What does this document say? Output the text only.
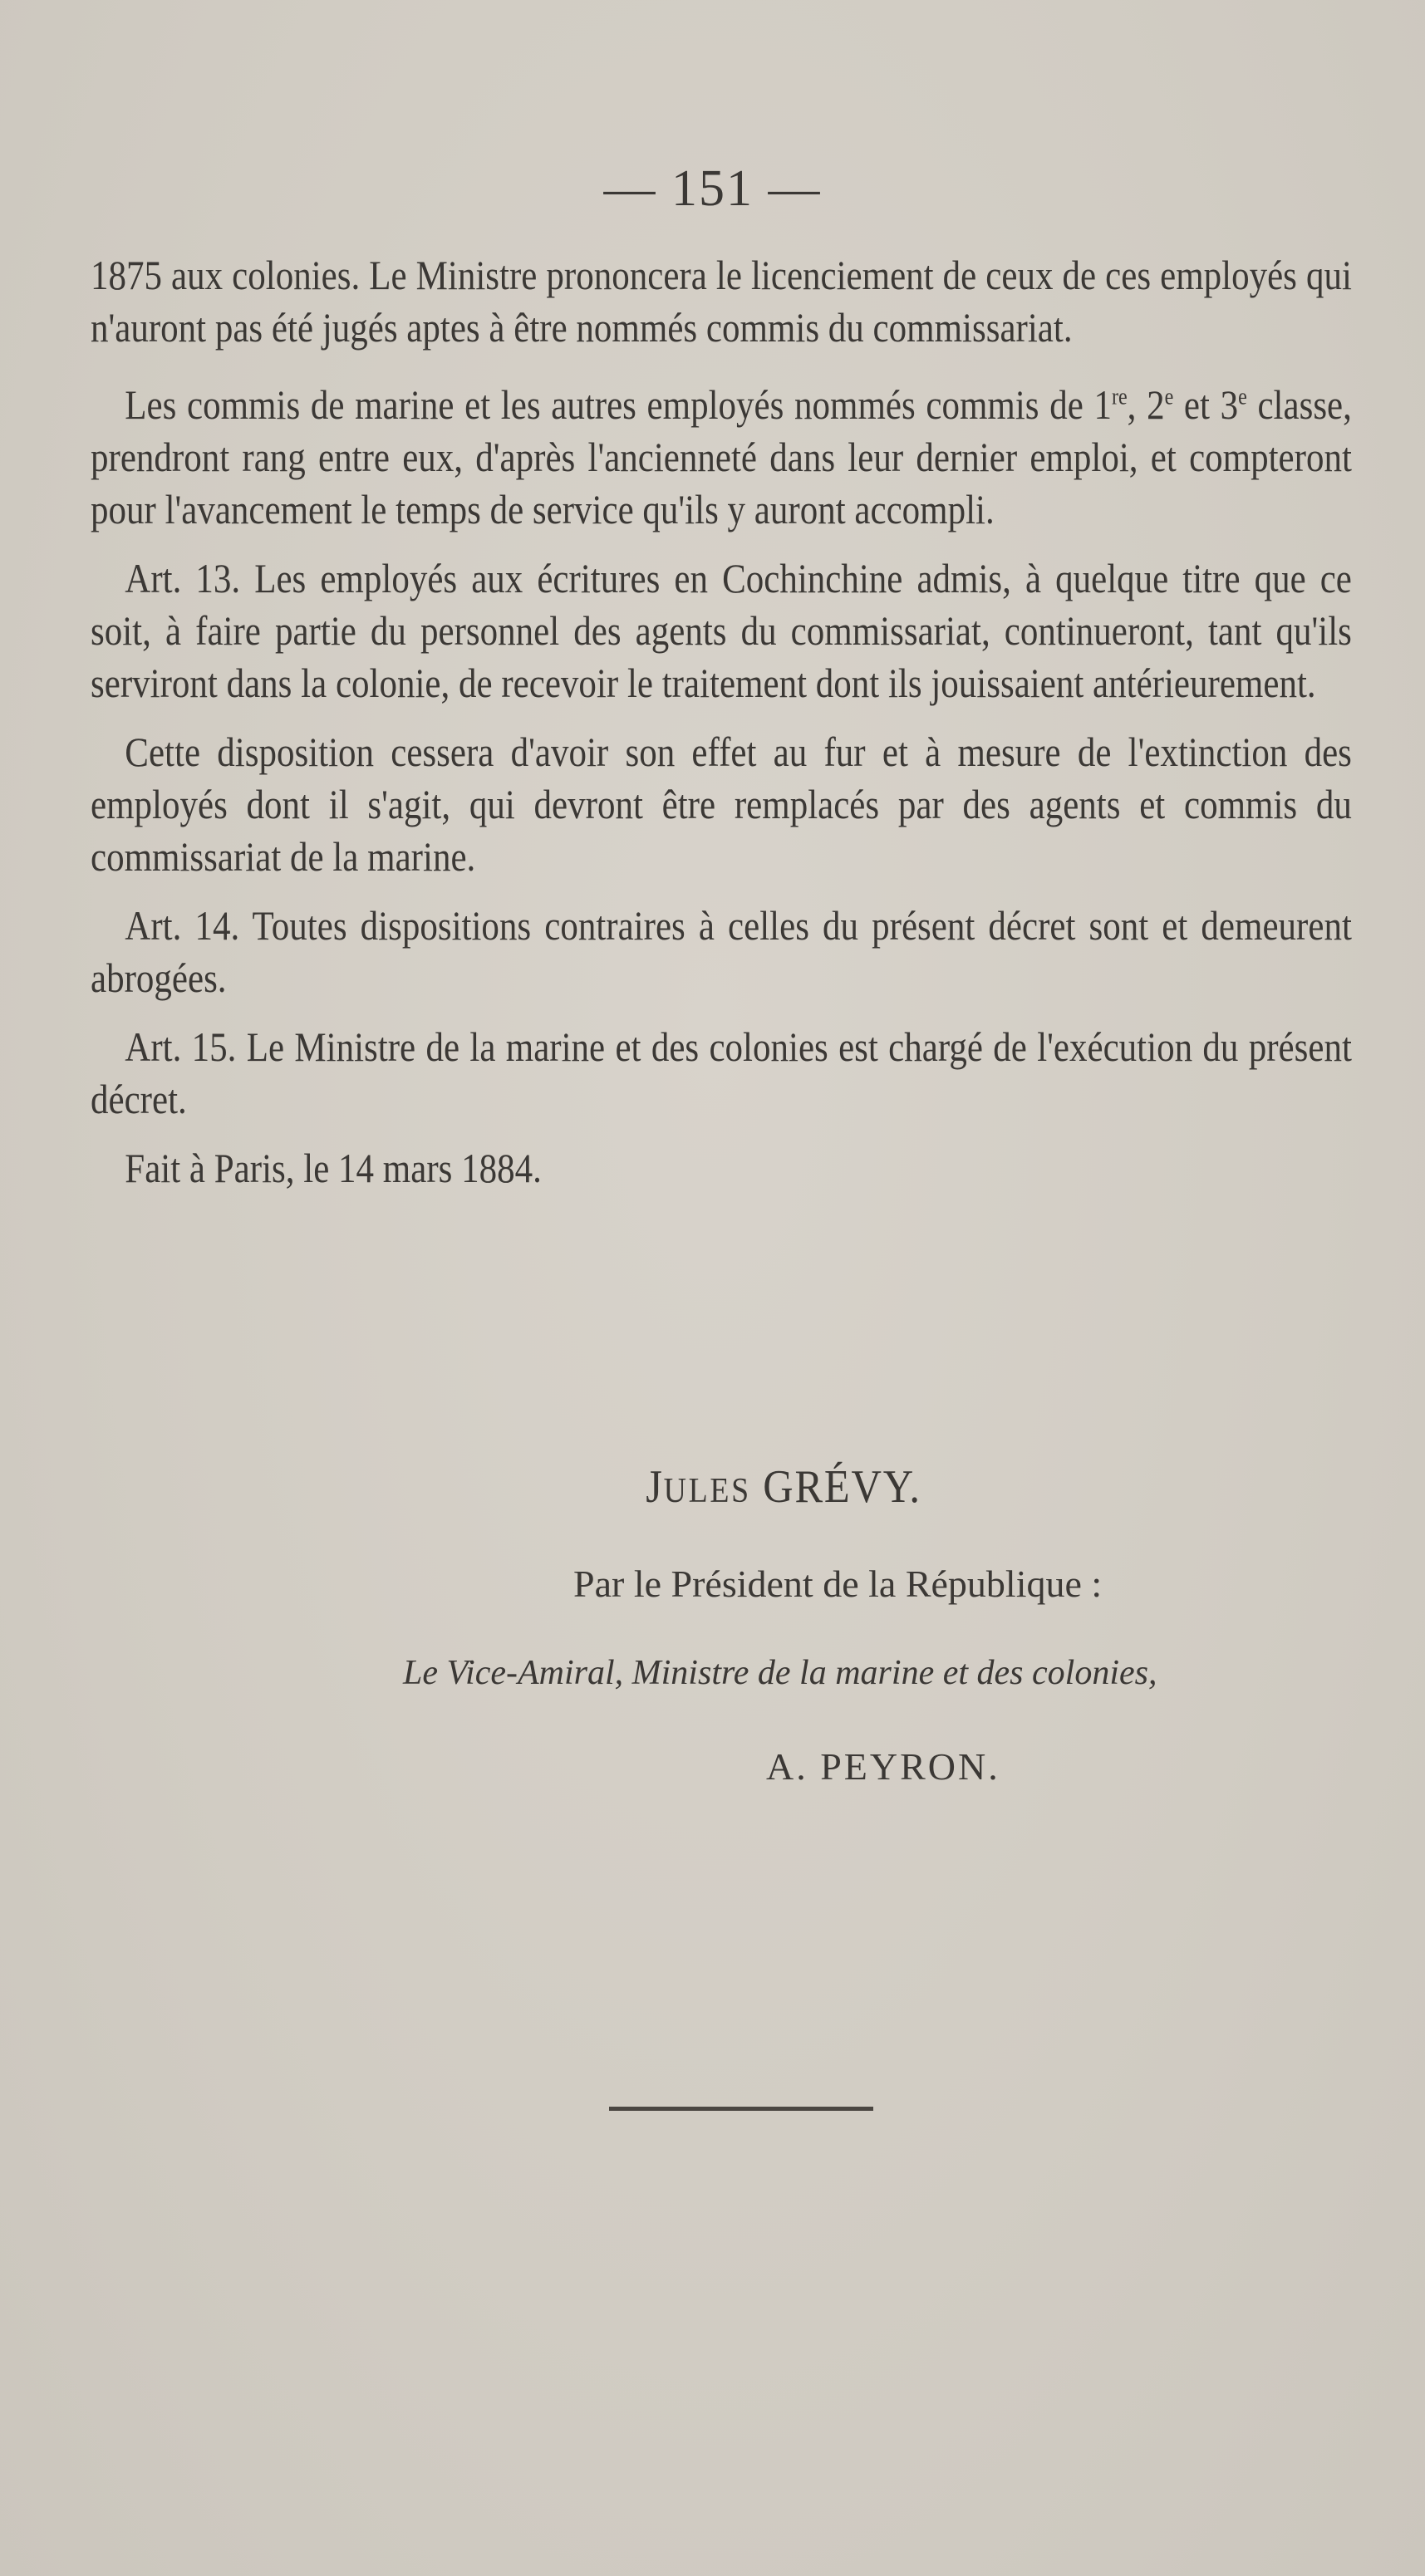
— 151 —

1875 aux colonies. Le Ministre prononcera le licenciement de ceux de ces employés qui n'auront pas été jugés aptes à être nommés commis du commissariat.

Les commis de marine et les autres employés nommés commis de 1re, 2e et 3e classe, prendront rang entre eux, d'après l'ancienneté dans leur dernier emploi, et compteront pour l'avancement le temps de service qu'ils y auront accompli.

Art. 13. Les employés aux écritures en Cochinchine admis, à quelque titre que ce soit, à faire partie du personnel des agents du commissariat, continueront, tant qu'ils serviront dans la colonie, de recevoir le traitement dont ils jouissaient antérieurement.

Cette disposition cessera d'avoir son effet au fur et à mesure de l'extinction des employés dont il s'agit, qui devront être remplacés par des agents et commis du commissariat de la marine.

Art. 14. Toutes dispositions contraires à celles du présent décret sont et demeurent abrogées.

Art. 15. Le Ministre de la marine et des colonies est chargé de l'exécution du présent décret.

Fait à Paris, le 14 mars 1884.

JULES GRÉVY.
Par le Président de la République :
Le Vice-Amiral, Ministre de la marine et des colonies,
A. PEYRON.
